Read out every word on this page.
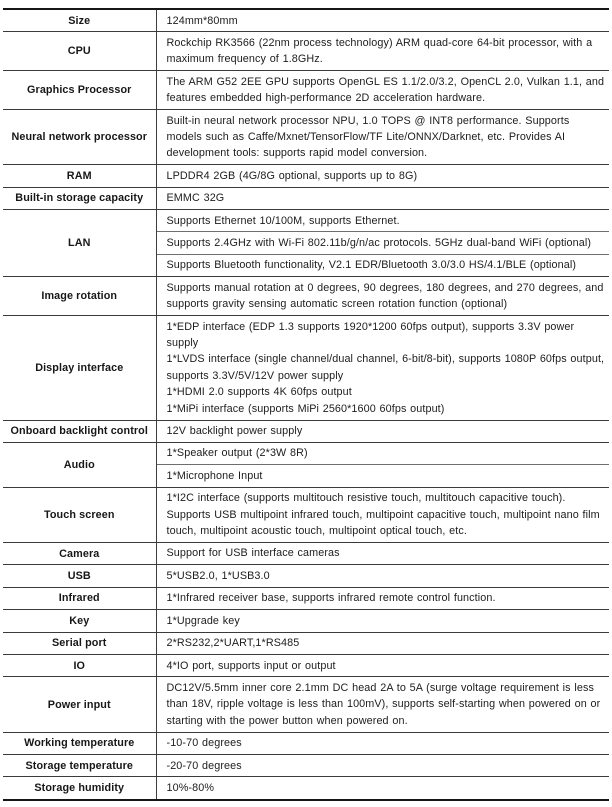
Size	124mm*80mm

CPU	Rockchip RK3566 (22nm process technology) ARM quad-core 64-bit processor, with a maximum frequency of 1.8GHz.

Graphics Processor	The ARM G52 2EE GPU supports OpenGL ES 1.1/2.0/3.2, OpenCL 2.0, Vulkan 1.1, and features embedded high-performance 2D acceleration hardware.

Neural network processor	Built-in neural network processor NPU, 1.0 TOPS @ INT8 performance. Supports models such as Caffe/Mxnet/TensorFlow/TF Lite/ONNX/Darknet, etc. Provides AI development tools: supports rapid model conversion.

RAM	LPDDR4 2GB (4G/8G optional, supports up to 8G)

Built-in storage capacity	EMMC 32G

LAN	Supports Ethernet 10/100M, supports Ethernet.

	Supports 2.4GHz with Wi-Fi 802.11b/g/n/ac protocols. 5GHz dual-band WiFi (optional)

	Supports Bluetooth functionality, V2.1 EDR/Bluetooth 3.0/3.0 HS/4.1/BLE (optional)

Image rotation	Supports manual rotation at 0 degrees, 90 degrees, 180 degrees, and 270 degrees, and supports gravity sensing automatic screen rotation function (optional)

Display interface	1*EDP interface (EDP 1.3 supports 1920*1200 60fps output), supports 3.3V power supply
1*LVDS interface (single channel/dual channel, 6-bit/8-bit), supports 1080P 60fps output, supports 3.3V/5V/12V power supply
1*HDMI 2.0 supports 4K 60fps output
1*MiPi interface (supports MiPi 2560*1600 60fps output)

Onboard backlight control	12V backlight power supply

Audio	1*Speaker output (2*3W 8R)

	1*Microphone Input

Touch screen	1*I2C interface (supports multitouch resistive touch, multitouch capacitive touch).
Supports USB multipoint infrared touch, multipoint capacitive touch, multipoint nano film touch, multipoint acoustic touch, multipoint optical touch, etc.

Camera	Support for USB interface cameras

USB	5*USB2.0, 1*USB3.0

Infrared	1*Infrared receiver base, supports infrared remote control function.

Key	1*Upgrade key

Serial port	2*RS232,2*UART,1*RS485

IO	4*IO port, supports input or output

Power input	DC12V/5.5mm inner core 2.1mm DC head 2A to 5A (surge voltage requirement is less than 18V, ripple voltage is less than 100mV), supports self-starting when powered on or starting with the power button when powered on.

Working temperature	-10-70 degrees

Storage temperature	-20-70 degrees

Storage humidity	10%-80%
